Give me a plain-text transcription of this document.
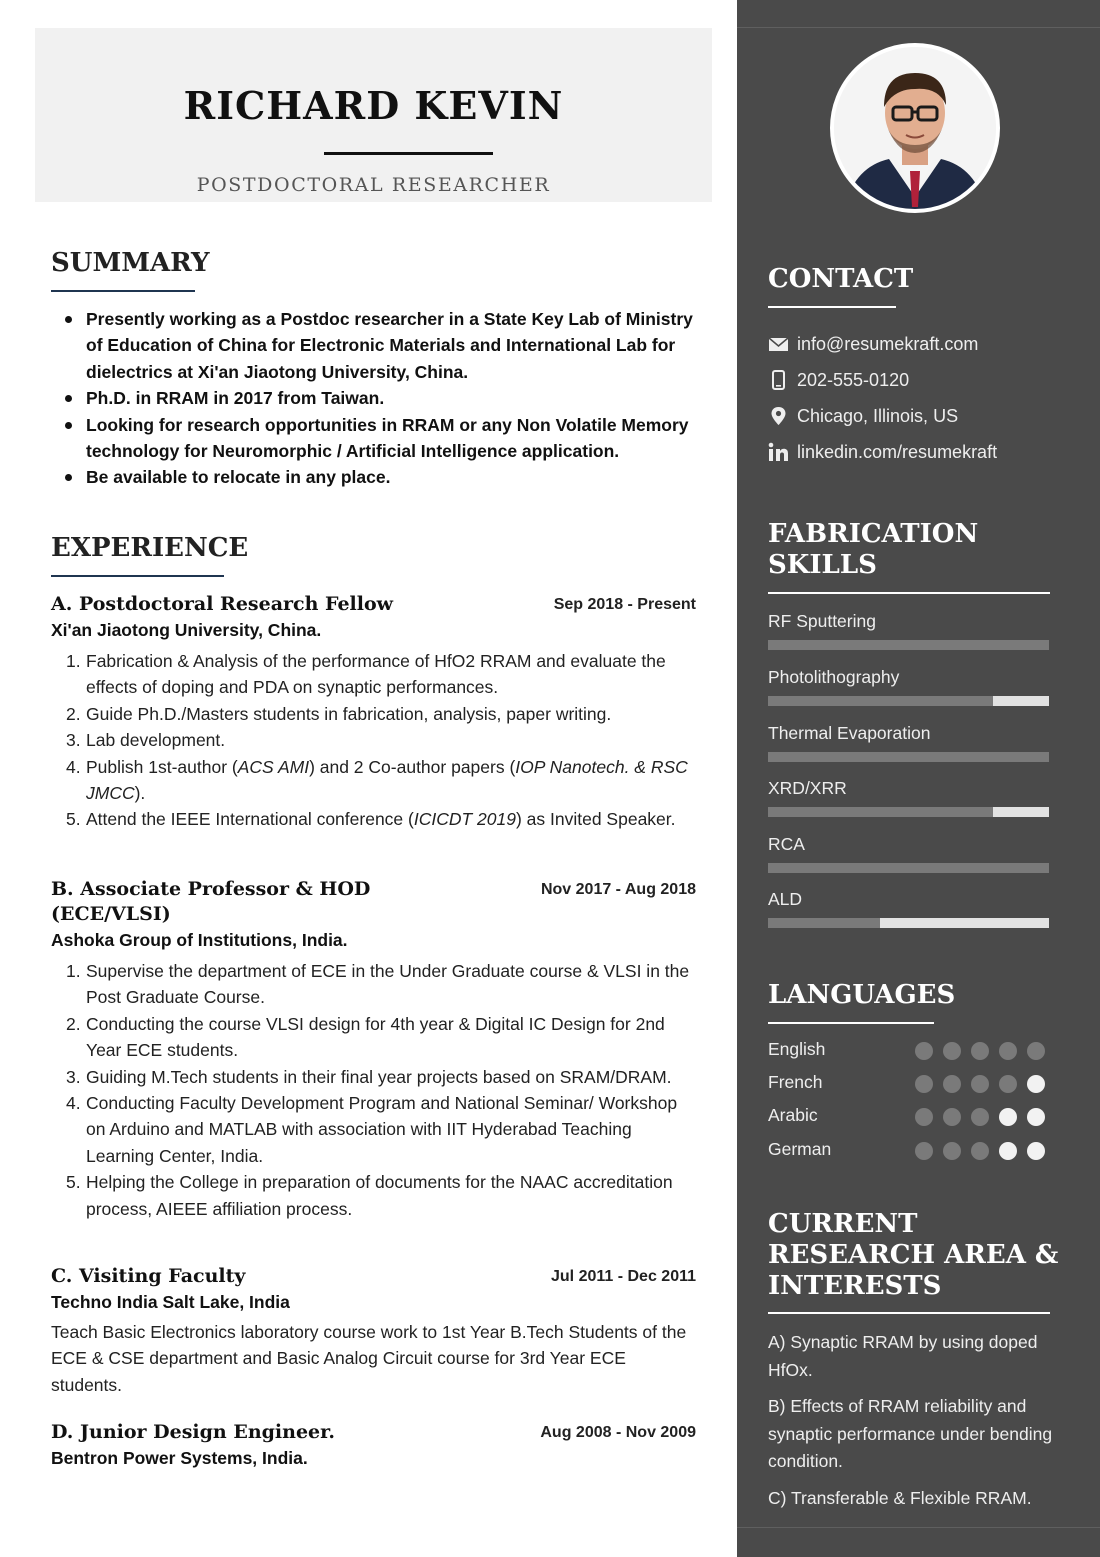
RICHARD KEVIN
POSTDOCTORAL RESEARCHER
SUMMARY
Presently working as a Postdoc researcher in a State Key Lab of Ministry of Education of China for Electronic Materials and International Lab for dielectrics at Xi'an Jiaotong University, China.
Ph.D. in RRAM in 2017 from Taiwan.
Looking for research opportunities in RRAM or any Non Volatile Memory technology for Neuromorphic / Artificial Intelligence application.
Be available to relocate in any place.
EXPERIENCE
A. Postdoctoral Research Fellow	Sep 2018 - Present
Xi'an Jiaotong University, China.
1. Fabrication & Analysis of the performance of HfO2 RRAM and evaluate the effects of doping and PDA on synaptic performances.
2. Guide Ph.D./Masters students in fabrication, analysis, paper writing.
3. Lab development.
4. Publish 1st-author (ACS AMI) and 2 Co-author papers (IOP Nanotech. & RSC JMCC).
5. Attend the IEEE International conference (ICICDT 2019) as Invited Speaker.
B. Associate Professor & HOD (ECE/VLSI)
Nov 2017 - Aug 2018
Ashoka Group of Institutions, India.
1. Supervise the department of ECE in the Under Graduate course & VLSI in the Post Graduate Course.
2. Conducting the course VLSI design for 4th year & Digital IC Design for 2nd Year ECE students.
3. Guiding M.Tech students in their final year projects based on SRAM/DRAM.
4. Conducting Faculty Development Program and National Seminar/ Workshop on Arduino and MATLAB with association with IIT Hyderabad Teaching Learning Center, India.
5. Helping the College in preparation of documents for the NAAC accreditation process, AIEEE affiliation process.
C. Visiting Faculty	Jul 2011 - Dec 2011
Techno India Salt Lake, India
Teach Basic Electronics laboratory course work to 1st Year B.Tech Students of the ECE & CSE department and Basic Analog Circuit course for 3rd Year ECE students.
D. Junior Design Engineer.	Aug 2008 - Nov 2009
Bentron Power Systems, India.
CONTACT
info@resumekraft.com
202-555-0120
Chicago, Illinois, US
linkedin.com/resumekraft
FABRICATION
SKILLS
RF Sputtering
Photolithography
Thermal Evaporation
XRD/XRR
RCA
ALD
LANGUAGES
English
French
Arabic
German
CURRENT
RESEARCH AREA &
INTERESTS
A) Synaptic RRAM by using doped HfOx.
B) Effects of RRAM reliability and synaptic performance under bending condition.
C) Transferable & Flexible RRAM.
